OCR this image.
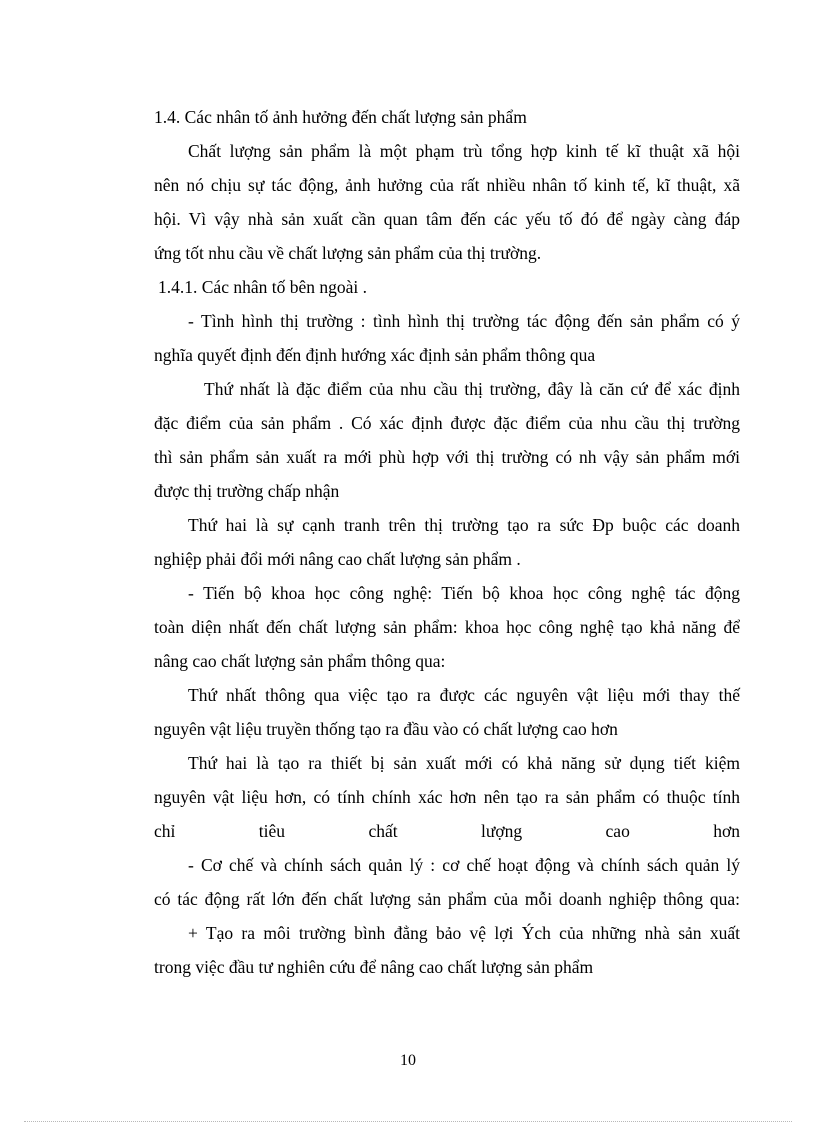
1.4. Các nhân tố ảnh hưởng đến chất lượng sản phẩm
Chất lượng sản phẩm là một phạm trù tổng hợp kinh tế kĩ thuật xã hội
nên nó chịu sự tác động, ảnh hưởng của rất nhiều nhân tố kinh tế, kĩ thuật, xã
hội. Vì vậy nhà sản xuất cần quan tâm đến các yếu tố đó để ngày càng đáp
ứng tốt nhu cầu về chất lượng sản phẩm của thị trường.
1.4.1. Các nhân tố bên ngoài .
- Tình hình thị trường : tình hình thị trường tác động đến sản phẩm có ý
nghĩa quyết định đến định hướng xác định sản phẩm thông qua
Thứ nhất là đặc điểm của nhu cầu thị trường, đây là căn cứ để xác định
đặc điểm của sản phẩm . Có xác định được đặc điểm của nhu cầu thị trường
thì sản phẩm sản xuất ra mới phù hợp với thị trường có nh vậy sản phẩm mới
được thị trường chấp nhận
Thứ hai là sự cạnh tranh trên thị trường tạo ra sức Đp buộc các doanh
nghiệp phải đổi mới nâng cao chất lượng sản phẩm .
- Tiến bộ khoa học công nghệ: Tiến bộ khoa học công nghệ tác động
toàn diện nhất đến chất lượng sản phẩm: khoa học công nghệ tạo khả năng để
nâng cao chất lượng sản phẩm thông qua:
Thứ nhất thông qua việc tạo ra được các nguyên vật liệu mới thay thế
nguyên vật liệu truyền thống tạo ra đầu vào có chất lượng cao hơn
Thứ hai là tạo ra thiết bị sản xuất mới có khả năng sử dụng tiết kiệm
nguyên vật liệu hơn, có tính chính xác hơn nên tạo ra sản phẩm có thuộc tính
chỉ	tiêu	chất	lượng	cao	hơn
- Cơ chế và chính sách quản lý : cơ chế hoạt động và chính sách quản lý
có tác động rất lớn đến chất lượng sản phẩm của mỗi doanh nghiệp thông qua:
+ Tạo ra môi trường bình đẳng bảo vệ lợi Ých của những nhà sản xuất
trong việc đầu tư nghiên cứu để nâng cao chất lượng sản phẩm
10
